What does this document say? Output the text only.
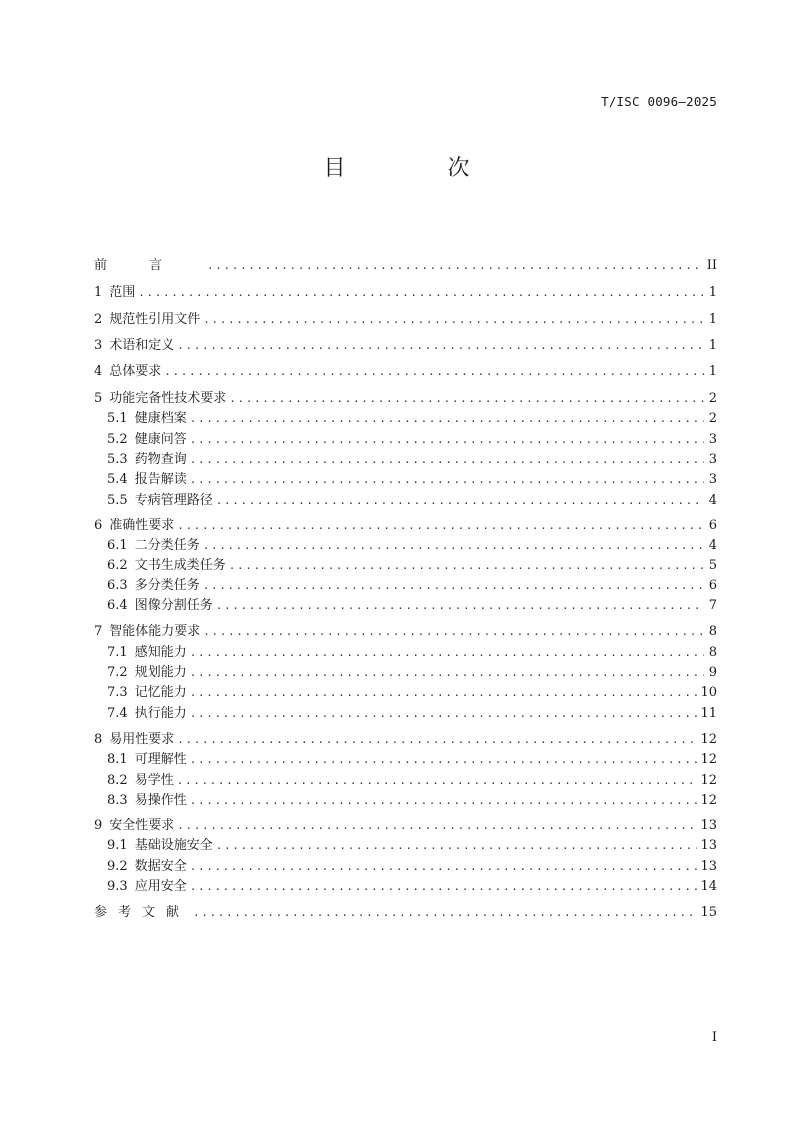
T/ISC 0096—2025
目　次
前言 . . .	II
1 范围 . . .	1
2 规范性引用文件 . . .	1
3 术语和定义 . . .	1
4 总体要求 . . .	1
5 功能完备性技术要求 . . .	2
5.1 健康档案 . . .	2
5.2 健康问答 . . .	3
5.3 药物查询 . . .	3
5.4 报告解读 . . .	3
5.5 专病管理路径 . . .	4
6 准确性要求 . . .	6
6.1 二分类任务 . . .	4
6.2 文书生成类任务 . . .	5
6.3 多分类任务 . . .	6
6.4 图像分割任务 . . .	7
7 智能体能力要求 . . .	8
7.1 感知能力 . . .	8
7.2 规划能力 . . .	9
7.3 记忆能力 . . .	10
7.4 执行能力 . . .	11
8 易用性要求 . . .	12
8.1 可理解性 . . .	12
8.2 易学性 . . .	12
8.3 易操作性 . . .	12
9 安全性要求 . . .	13
9.1 基础设施安全 . . .	13
9.2 数据安全 . . .	13
9.3 应用安全 . . .	14
参考文献 . . .	15
I
